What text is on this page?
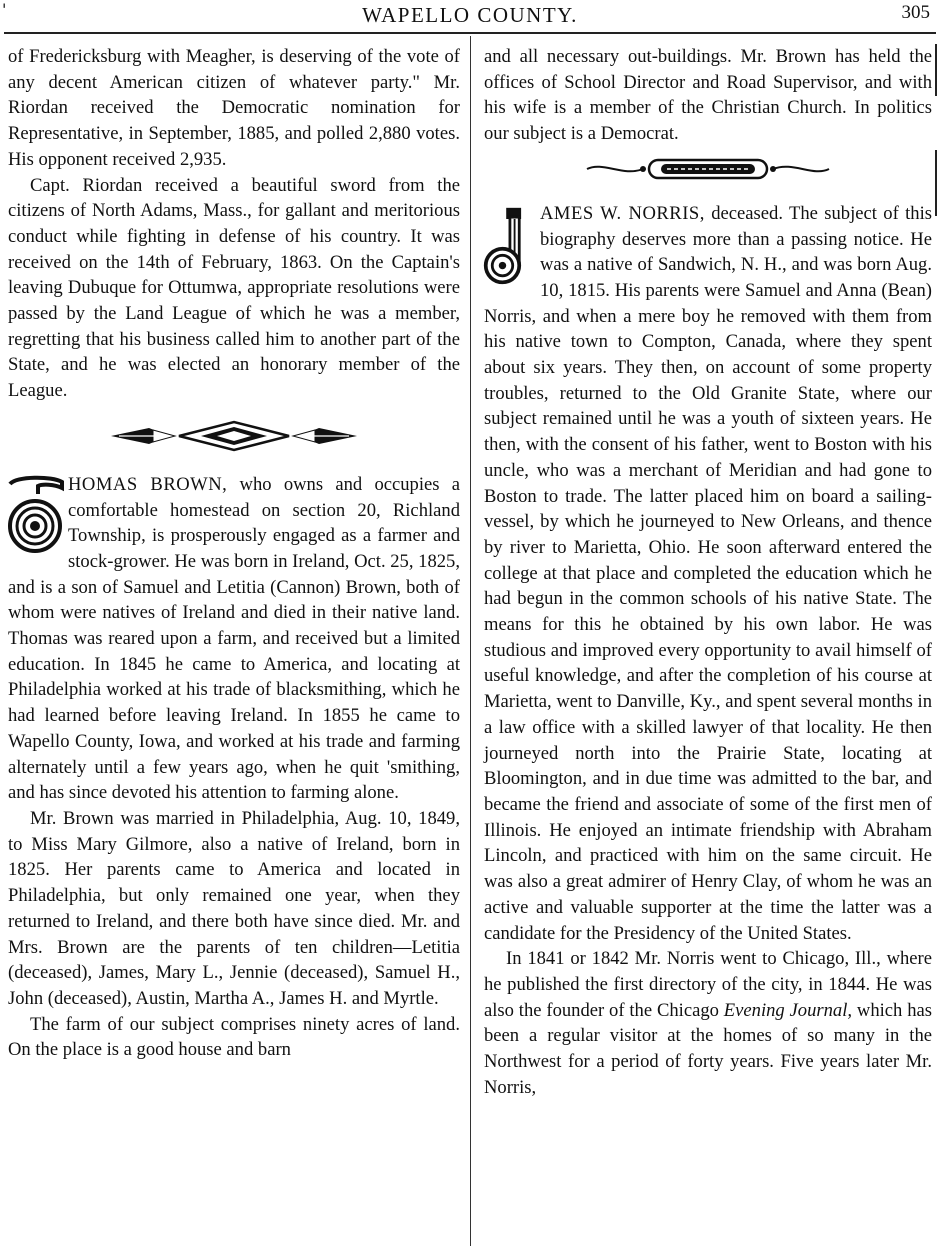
'	WAPELLO COUNTY.	305

of Fredericksburg with Meagher, is deserving of the vote of any decent American citizen of whatever party." Mr. Riordan received the Democratic nomination for Representative, in September, 1885, and polled 2,880 votes. His opponent received 2,935.

Capt. Riordan received a beautiful sword from the citizens of North Adams, Mass., for gallant and meritorious conduct while fighting in defense of his country. It was received on the 14th of February, 1863. On the Captain's leaving Dubuque for Ottumwa, appropriate resolutions were passed by the Land League of which he was a member, regretting that his business called him to another part of the State, and he was elected an honorary member of the League.

T
HOMAS BROWN, who owns and occupies a comfortable homestead on section 20, Richland Township, is prosperously engaged as a farmer and stock-grower. He was born in Ireland, Oct. 25, 1825, and is a son of Samuel and Letitia (Cannon) Brown, both of whom were natives of Ireland and died in their native land. Thomas was reared upon a farm, and received but a limited education. In 1845 he came to America, and locating at Philadelphia worked at his trade of blacksmithing, which he had learned before leaving Ireland. In 1855 he came to Wapello County, Iowa, and worked at his trade and farming alternately until a few years ago, when he quit 'smithing, and has since devoted his attention to farming alone.

Mr. Brown was married in Philadelphia, Aug. 10, 1849, to Miss Mary Gilmore, also a native of Ireland, born in 1825. Her parents came to America and located in Philadelphia, but only remained one year, when they returned to Ireland, and there both have since died. Mr. and Mrs. Brown are the parents of ten children—Letitia (deceased), James, Mary L., Jennie (deceased), Samuel H., John (deceased), Austin, Martha A., James H. and Myrtle.

The farm of our subject comprises ninety acres of land. On the place is a good house and barn

and all necessary out-buildings. Mr. Brown has held the offices of School Director and Road Supervisor, and with his wife is a member of the Christian Church. In politics our subject is a Democrat.

J
AMES W. NORRIS, deceased. The subject of this biography deserves more than a passing notice. He was a native of Sandwich, N. H., and was born Aug. 10, 1815. His parents were Samuel and Anna (Bean) Norris, and when a mere boy he removed with them from his native town to Compton, Canada, where they spent about six years. They then, on account of some property troubles, returned to the Old Granite State, where our subject remained until he was a youth of sixteen years. He then, with the consent of his father, went to Boston with his uncle, who was a merchant of Meridian and had gone to Boston to trade. The latter placed him on board a sailing-vessel, by which he journeyed to New Orleans, and thence by river to Marietta, Ohio. He soon afterward entered the college at that place and completed the education which he had begun in the common schools of his native State. The means for this he obtained by his own labor. He was studious and improved every opportunity to avail himself of useful knowledge, and after the completion of his course at Marietta, went to Danville, Ky., and spent several months in a law office with a skilled lawyer of that locality. He then journeyed north into the Prairie State, locating at Bloomington, and in due time was admitted to the bar, and became the friend and associate of some of the first men of Illinois. He enjoyed an intimate friendship with Abraham Lincoln, and practiced with him on the same circuit. He was also a great admirer of Henry Clay, of whom he was an active and valuable supporter at the time the latter was a candidate for the Presidency of the United States.

In 1841 or 1842 Mr. Norris went to Chicago, Ill., where he published the first directory of the city, in 1844. He was also the founder of the Chicago Evening Journal, which has been a regular visitor at the homes of so many in the Northwest for a period of forty years. Five years later Mr. Norris,
